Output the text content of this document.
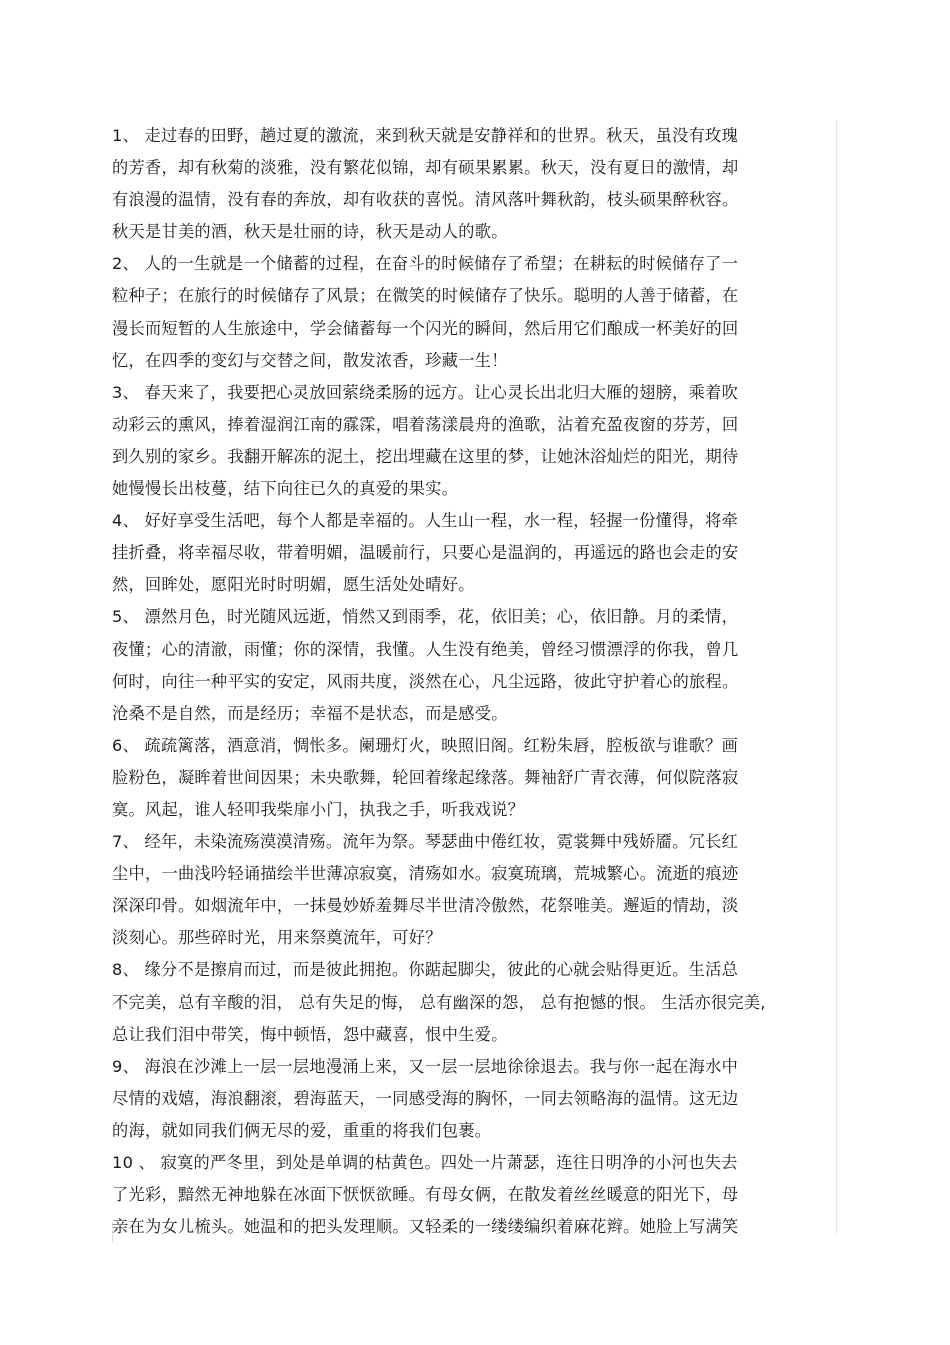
1、 走过春的田野，趟过夏的激流，来到秋天就是安静祥和的世界。秋天，虽没有玫瑰
的芳香，却有秋菊的淡雅，没有繁花似锦，却有硕果累累。秋天，没有夏日的激情，却
有浪漫的温情，没有春的奔放，却有收获的喜悦。清风落叶舞秋韵，枝头硕果醉秋容。
秋天是甘美的酒，秋天是壮丽的诗，秋天是动人的歌。
2、 人的一生就是一个储蓄的过程，在奋斗的时候储存了希望；在耕耘的时候储存了一
粒种子；在旅行的时候储存了风景；在微笑的时候储存了快乐。聪明的人善于储蓄，在
漫长而短暂的人生旅途中，学会储蓄每一个闪光的瞬间，然后用它们酿成一杯美好的回
忆，在四季的变幻与交替之间，散发浓香，珍藏一生！
3、 春天来了，我要把心灵放回萦绕柔肠的远方。让心灵长出北归大雁的翅膀，乘着吹
动彩云的熏风，捧着湿润江南的霡霂，唱着荡漾晨舟的渔歌，沾着充盈夜窗的芬芳，回
到久别的家乡。我翻开解冻的泥土，挖出埋藏在这里的梦，让她沐浴灿烂的阳光，期待
她慢慢长出枝蔓，结下向往已久的真爱的果实。
4、 好好享受生活吧，每个人都是幸福的。人生山一程，水一程，轻握一份懂得，将牵
挂折叠，将幸福尽收，带着明媚，温暖前行，只要心是温润的，再遥远的路也会走的安
然，回眸处，愿阳光时时明媚，愿生活处处晴好。
5、 漂然月色，时光随风远逝，悄然又到雨季，花，依旧美；心，依旧静。月的柔情，
夜懂；心的清澈，雨懂；你的深情，我懂。人生没有绝美，曾经习惯漂浮的你我，曾几
何时，向往一种平实的安定，风雨共度，淡然在心，凡尘远路，彼此守护着心的旅程。
沧桑不是自然，而是经历；幸福不是状态，而是感受。
6、 疏疏篱落，酒意消，惆怅多。阑珊灯火，映照旧阁。红粉朱唇，腔板欲与谁歌？画
脸粉色，凝眸着世间因果；未央歌舞，轮回着缘起缘落。舞袖舒广青衣薄，何似院落寂
寞。风起，谁人轻叩我柴扉小门，执我之手，听我戏说？
7、 经年，未染流殇漠漠清殇。流年为祭。琴瑟曲中倦红妆，霓裳舞中残娇靥。冗长红
尘中，一曲浅吟轻诵描绘半世薄凉寂寞，清殇如水。寂寞琉璃，荒城繁心。流逝的痕迹
深深印骨。如烟流年中，一抹曼妙娇羞舞尽半世清冷傲然，花祭唯美。邂逅的情劫，淡
淡刻心。那些碎时光，用来祭奠流年，可好？
8、 缘分不是擦肩而过，而是彼此拥抱。你踮起脚尖，彼此的心就会贴得更近。生活总
不完美，总有辛酸的泪， 总有失足的悔， 总有幽深的怨， 总有抱憾的恨。 生活亦很完美,
总让我们泪中带笑，悔中顿悟，怨中藏喜，恨中生爱。
9、 海浪在沙滩上一层一层地漫涌上来，又一层一层地徐徐退去。我与你一起在海水中
尽情的戏嬉，海浪翻滚，碧海蓝天，一同感受海的胸怀，一同去领略海的温情。这无边
的海，就如同我们俩无尽的爱，重重的将我们包裹。
10 、 寂寞的严冬里，到处是单调的枯黄色。四处一片萧瑟，连往日明净的小河也失去
了光彩，黯然无神地躲在冰面下恹恹欲睡。有母女俩，在散发着丝丝暖意的阳光下，母
亲在为女儿梳头。她温和的把头发理顺。又轻柔的一缕缕编织着麻花辫。她脸上写满笑
